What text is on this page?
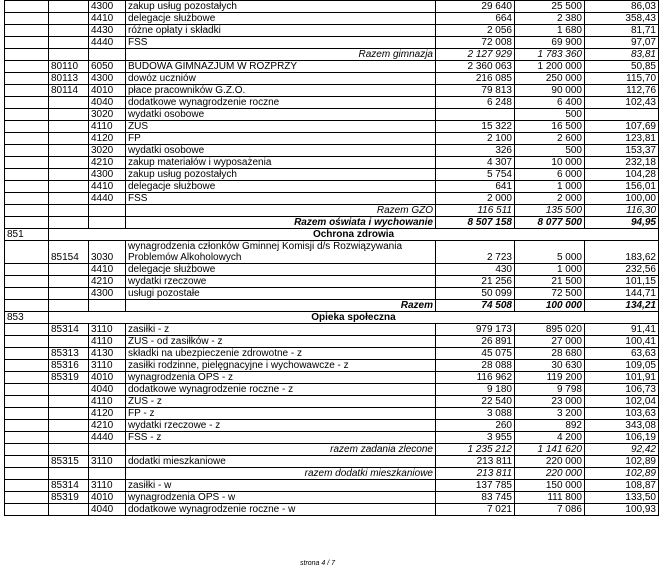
		4300	zakup usług pozostałych	29 640	25 500	86,03
		4410	delegacje służbowe	664	2 380	358,43
		4430	różne opłaty i składki	2 056	1 680	81,71
		4440	FŚS	72 008	69 900	97,07
			Razem gimnazja	2 127 929	1 783 360	83,81
	80110	6050	BUDOWA GIMNAZJUM W ROZPRZY	2 360 063	1 200 000	50,85
	80113	4300	dowóz uczniów	216 085	250 000	115,70
	80114	4010	płace pracowników G.Z.O.	79 813	90 000	112,76
		4040	dodatkowe wynagrodzenie roczne	6 248	6 400	102,43
		3020	wydatki osobowe		500	
		4110	ZUS	15 322	16 500	107,69
		4120	FP	2 100	2 600	123,81
		3020	wydatki osobowe	326	500	153,37
		4210	zakup materiałów i wyposażenia	4 307	10 000	232,18
		4300	zakup usług pozostałych	5 754	6 000	104,28
		4410	delegacje służbowe	641	1 000	156,01
		4440	FŚS	2 000	2 000	100,00
			Razem GZO	116 511	135 500	116,30
			Razem oświata i wychowanie	8 507 158	8 077 500	94,95
851	Ochrona zdrowia					
	85154	3030	wynagrodzenia członków Gminnej Komisji d/s Rozwiązywania Problemów Alkoholowych	2 723	5 000	183,62
		4410	delegacje służbowe	430	1 000	232,56
		4210	wydatki rzeczowe	21 256	21 500	101,15
		4300	usługi pozostałe	50 099	72 500	144,71
			Razem	74 508	100 000	134,21
853	Opieka społeczna					
	85314	3110	zasiłki - z	979 173	895 020	91,41
		4110	ZUS - od zasiłków - z	26 891	27 000	100,41
	85313	4130	składki na ubezpieczenie zdrowotne - z	45 075	28 680	63,63
	85316	3110	zasiłki rodzinne, pielęgnacyjne i wychowawcze - z	28 088	30 630	109,05
	85319	4010	wynagrodzenia OPS - z	116 962	119 200	101,91
		4040	dodatkowe wynagrodzenie roczne - z	9 180	9 798	106,73
		4110	ZUS - z	22 540	23 000	102,04
		4120	FP - z	3 088	3 200	103,63
		4210	wydatki rzeczowe - z	260	892	343,08
		4440	FŚS - z	3 955	4 200	106,19
			razem zadania zlecone	1 235 212	1 141 620	92,42
	85315	3110	dodatki mieszkaniowe	213 811	220 000	102,89
			razem dodatki mieszkaniowe	213 811	220 000	102,89
	85314	3110	zasiłki - w	137 785	150 000	108,87
	85319	4010	wynagrodzenia OPS - w	83 745	111 800	133,50
		4040	dodatkowe wynagrodzenie roczne - w	7 021	7 086	100,93
strona 4 / 7
